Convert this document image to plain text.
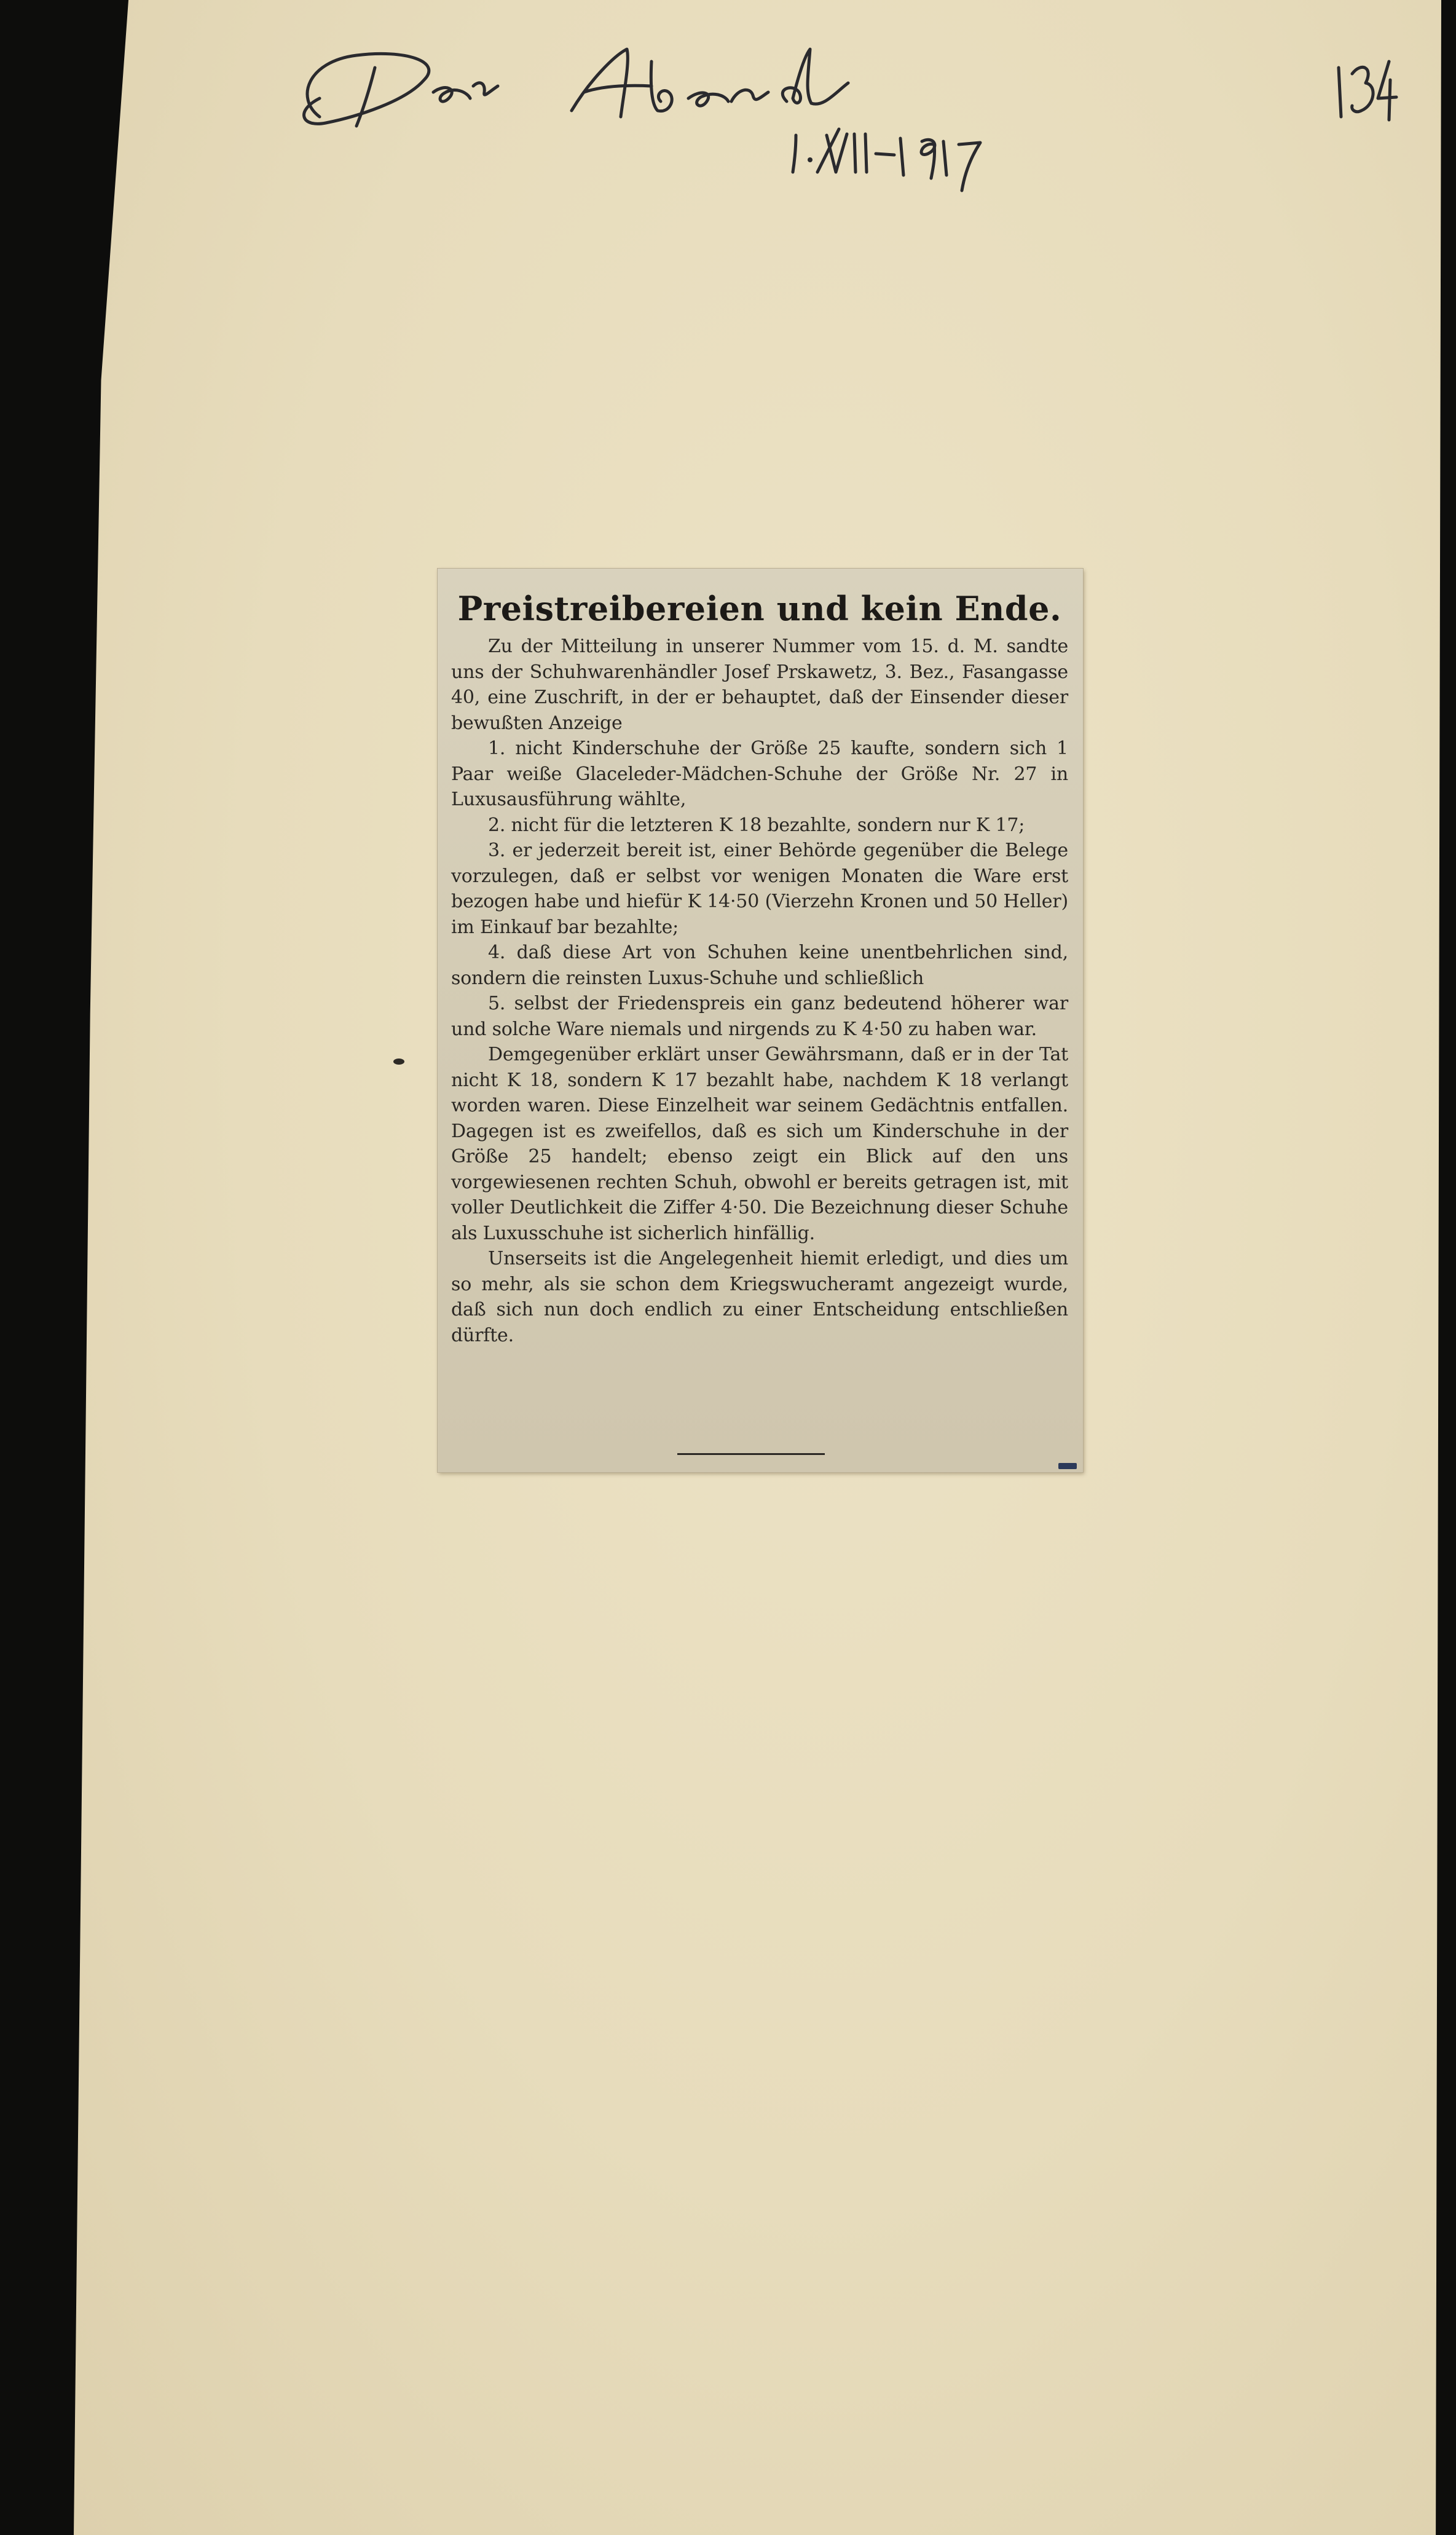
Preistreibereien und kein Ende.

Zu der Mitteilung in unserer Nummer vom 15. d. M. sandte uns der Schuhwarenhändler Josef Prskawetz, 3. Bez., Fasangasse 40, eine Zuschrift, in der er behauptet, daß der Einsender dieser bewußten Anzeige

1. nicht Kinderschuhe der Größe 25 kaufte, sondern sich 1 Paar weiße Glaceleder-Mädchen-Schuhe der Größe Nr. 27 in Luxusausführung wählte,

2. nicht für die letzteren K 18 bezahlte, sondern nur K 17;

3. er jederzeit bereit ist, einer Behörde gegenüber die Belege vorzulegen, daß er selbst vor wenigen Monaten die Ware erst bezogen habe und hiefür K 14·50 (Vierzehn Kronen und 50 Heller) im Einkauf bar bezahlte;

4. daß diese Art von Schuhen keine unentbehrlichen sind, sondern die reinsten Luxus-Schuhe und schließlich

5. selbst der Friedenspreis ein ganz bedeutend höherer war und solche Ware niemals und nirgends zu K 4·50 zu haben war.

Demgegenüber erklärt unser Gewährsmann, daß er in der Tat nicht K 18, sondern K 17 bezahlt habe, nachdem K 18 verlangt worden waren. Diese Einzelheit war seinem Gedächtnis entfallen. Dagegen ist es zweifellos, daß es sich um Kinderschuhe in der Größe 25 handelt; ebenso zeigt ein Blick auf den uns vorgewiesenen rechten Schuh, obwohl er bereits getragen ist, mit voller Deutlichkeit die Ziffer 4·50. Die Bezeichnung dieser Schuhe als Luxusschuhe ist sicherlich hinfällig.

Unserseits ist die Angelegenheit hiemit erledigt, und dies um so mehr, als sie schon dem Kriegswucheramt angezeigt wurde, daß sich nun doch endlich zu einer Entscheidung entschließen dürfte.
